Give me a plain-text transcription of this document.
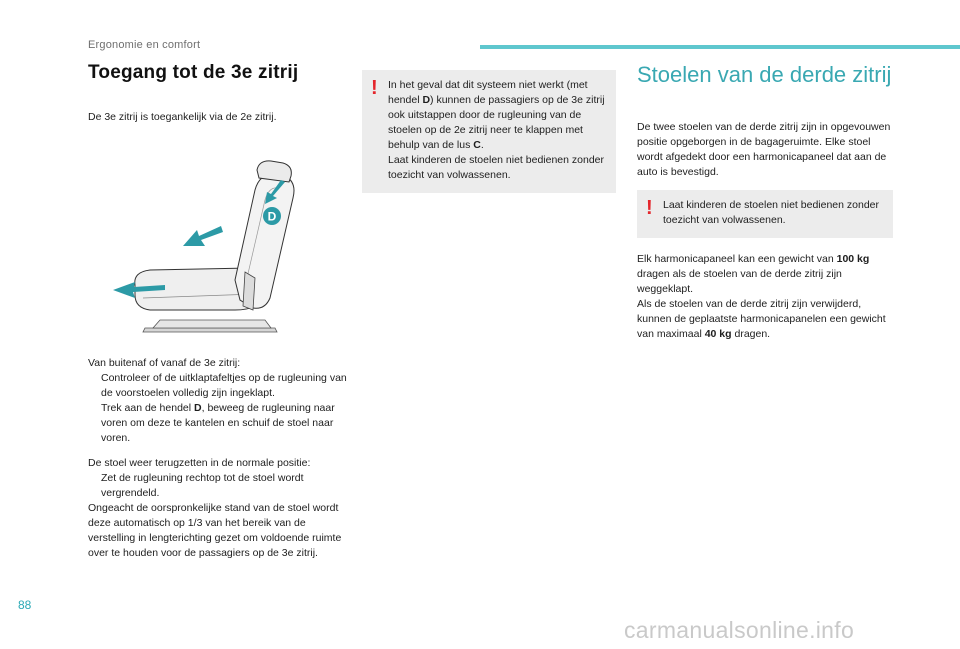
Ergonomie en comfort
Toegang tot de 3e zitrij

De 3e zitrij is toegankelijk via de 2e zitrij.

D

Van buitenaf of vanaf de 3e zitrij:

Controleer of de uitklaptafeltjes op de rugleuning van de voorstoelen volledig zijn ingeklapt.
Trek aan de hendel D, beweeg de rugleuning naar voren om deze te kantelen en schuif de stoel naar voren.

De stoel weer terugzetten in de normale positie:

Zet de rugleuning rechtop tot de stoel wordt vergrendeld.

Ongeacht de oorspronkelijke stand van de stoel wordt deze automatisch op 1/3 van het bereik van de verstelling in lengterichting gezet om voldoende ruimte over te houden voor de passagiers op de 3e zitrij.

! In het geval dat dit systeem niet werkt (met hendel D) kunnen de passagiers op de 3e zitrij ook uitstappen door de rugleuning van de stoelen op de 2e zitrij neer te klappen met behulp van de lus C.
Laat kinderen de stoelen niet bedienen zonder toezicht van volwassenen.
Stoelen van de derde zitrij

De twee stoelen van de derde zitrij zijn in opgevouwen positie opgeborgen in de bagageruimte. Elke stoel wordt afgedekt door een harmonicapaneel dat aan de auto is bevestigd.

! Laat kinderen de stoelen niet bedienen zonder toezicht van volwassenen.

Elk harmonicapaneel kan een gewicht van 100 kg dragen als de stoelen van de derde zitrij zijn weggeklapt.

Als de stoelen van de derde zitrij zijn verwijderd, kunnen de geplaatste harmonicapanelen een gewicht van maximaal 40 kg dragen.

88
carmanualsonline.info
